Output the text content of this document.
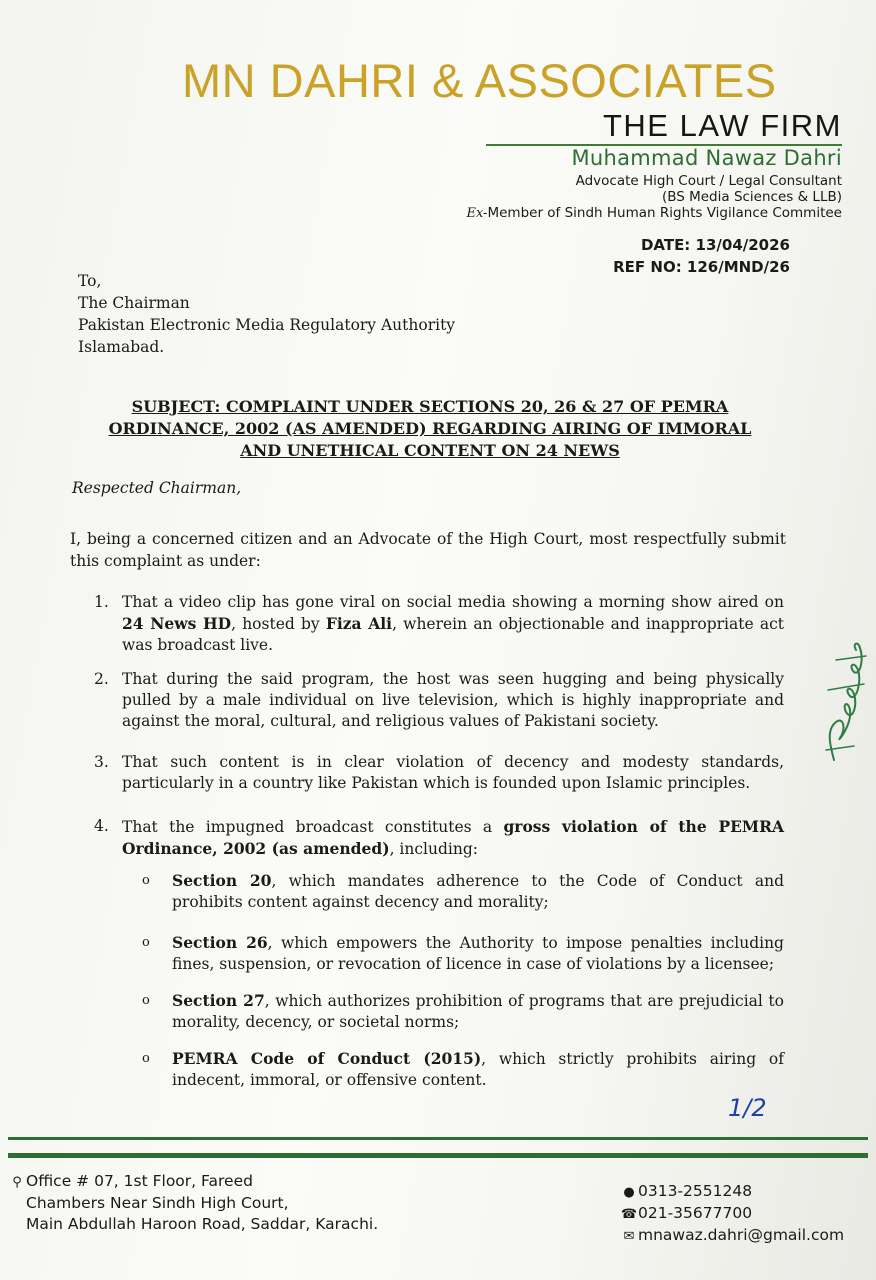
MN DAHRI & ASSOCIATES
THE LAW FIRM
Muhammad Nawaz Dahri
Advocate High Court / Legal Consultant
(BS Media Sciences & LLB)
Ex-Member of Sindh Human Rights Vigilance Commitee
DATE: 13/04/2026
REF NO: 126/MND/26
To,
The Chairman
Pakistan Electronic Media Regulatory Authority
Islamabad.
SUBJECT: COMPLAINT UNDER SECTIONS 20, 26 & 27 OF PEMRA
ORDINANCE, 2002 (AS AMENDED) REGARDING AIRING OF IMMORAL
AND UNETHICAL CONTENT ON 24 NEWS
Respected Chairman,
I, being a concerned citizen and an Advocate of the High Court, most respectfully submit this complaint as under:
1. That a video clip has gone viral on social media showing a morning show aired on 24 News HD, hosted by Fiza Ali, wherein an objectionable and inappropriate act was broadcast live.
2. That during the said program, the host was seen hugging and being physically pulled by a male individual on live television, which is highly inappropriate and against the moral, cultural, and religious values of Pakistani society.
3. That such content is in clear violation of decency and modesty standards, particularly in a country like Pakistan which is founded upon Islamic principles.
4. That the impugned broadcast constitutes a gross violation of the PEMRA Ordinance, 2002 (as amended), including:
o	Section 20, which mandates adherence to the Code of Conduct and prohibits content against decency and morality;
o	Section 26, which empowers the Authority to impose penalties including fines, suspension, or revocation of licence in case of violations by a licensee;
o	Section 27, which authorizes prohibition of programs that are prejudicial to morality, decency, or societal norms;
o	PEMRA Code of Conduct (2015), which strictly prohibits airing of indecent, immoral, or offensive content.
1/2
⚲ Office # 07, 1st Floor, Fareed
Chambers Near Sindh High Court,
Main Abdullah Haroon Road, Saddar, Karachi.
● 0313-2551248
☎021-35677700
✉ mnawaz.dahri@gmail.com
